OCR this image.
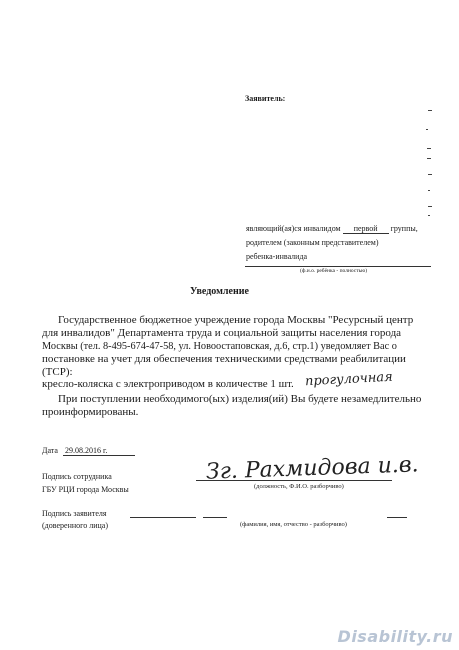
Заявитель:
являющий(ая)ся инвалидом первой группы,
родителем (законным представителем)
ребенка-инвалида
(ф.и.о. ребёнка - полностью)
Уведомление
Государственное бюджетное учреждение города Москвы "Ресурсный центр
для инвалидов" Департамента труда и социальной защиты населения города
Москвы (тел. 8-495-674-47-58, ул. Новоостаповская, д.6, стр.1) уведомляет Вас о
постановке на учет для обеспечения техническими средствами реабилитации
(ТСР):
кресло-коляска с электроприводом в количестве 1 шт. прогулочная
При поступлении необходимого(ых) изделия(ий) Вы будете незамедлительно
проинформированы.
Дата 29.08.2016 г.
Подпись сотрудника
ГБУ РЦИ города Москвы
Зг. Рахмидова и.в.
(должность, Ф.И.О. разборчиво)
Подпись заявителя
(доверенного лица)	(фамилия, имя, отчество - разборчиво)
Disability.ru
